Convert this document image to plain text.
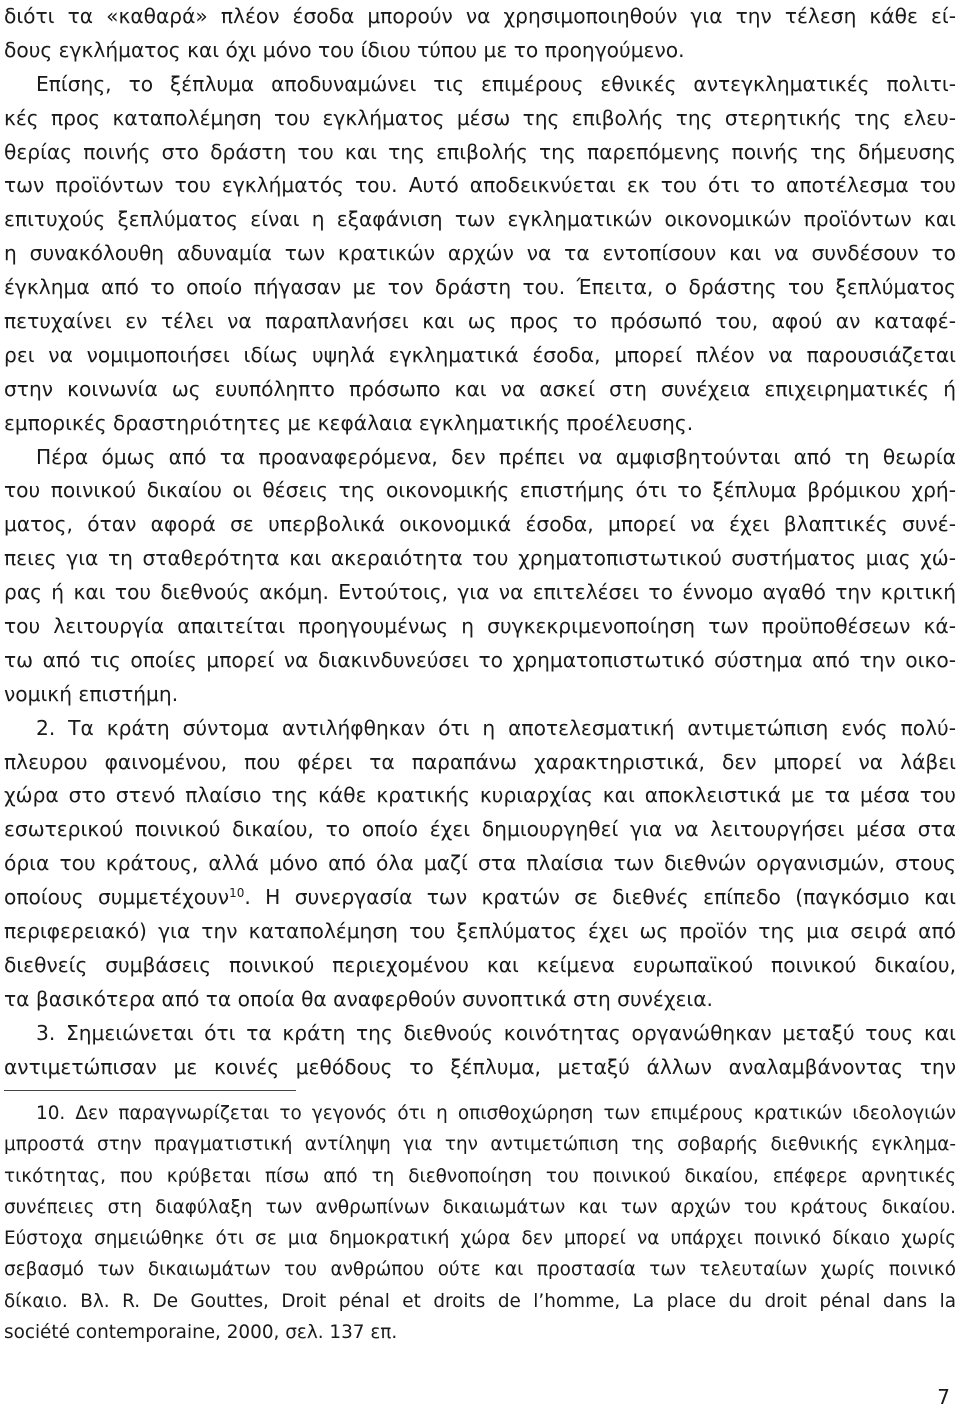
διότι τα «καθαρά» πλέον έσοδα μπορούν να χρησιμοποιηθούν για την τέλεση κάθε εί-
δους εγκλήματος και όχι μόνο του ίδιου τύπου με το προηγούμενο.
Επίσης, το ξέπλυμα αποδυναμώνει τις επιμέρους εθνικές αντεγκληματικές πολιτι-
κές προς καταπολέμηση του εγκλήματος μέσω της επιβολής της στερητικής της ελευ-
θερίας ποινής στο δράστη του και της επιβολής της παρεπόμενης ποινής της δήμευσης
των προϊόντων του εγκλήματός του. Αυτό αποδεικνύεται εκ του ότι το αποτέλεσμα του
επιτυχούς ξεπλύματος είναι η εξαφάνιση των εγκληματικών οικονομικών προϊόντων και
η συνακόλουθη αδυναμία των κρατικών αρχών να τα εντοπίσουν και να συνδέσουν το
έγκλημα από το οποίο πήγασαν με τον δράστη του. Έπειτα, ο δράστης του ξεπλύματος
πετυχαίνει εν τέλει να παραπλανήσει και ως προς το πρόσωπό του, αφού αν καταφέ-
ρει να νομιμοποιήσει ιδίως υψηλά εγκληματικά έσοδα, μπορεί πλέον να παρουσιάζεται
στην κοινωνία ως ευυπόληπτο πρόσωπο και να ασκεί στη συνέχεια επιχειρηματικές ή
εμπορικές δραστηριότητες με κεφάλαια εγκληματικής προέλευσης.
Πέρα όμως από τα προαναφερόμενα, δεν πρέπει να αμφισβητούνται από τη θεωρία
του ποινικού δικαίου οι θέσεις της οικονομικής επιστήμης ότι το ξέπλυμα βρόμικου χρή-
ματος, όταν αφορά σε υπερβολικά οικονομικά έσοδα, μπορεί να έχει βλαπτικές συνέ-
πειες για τη σταθερότητα και ακεραιότητα του χρηματοπιστωτικού συστήματος μιας χώ-
ρας ή και του διεθνούς ακόμη. Εντούτοις, για να επιτελέσει το έννομο αγαθό την κριτική
του λειτουργία απαιτείται προηγουμένως η συγκεκριμενοποίηση των προϋποθέσεων κά-
τω από τις οποίες μπορεί να διακινδυνεύσει το χρηματοπιστωτικό σύστημα από την οικο-
νομική επιστήμη.
2. Τα κράτη σύντομα αντιλήφθηκαν ότι η αποτελεσματική αντιμετώπιση ενός πολύ-
πλευρου φαινομένου, που φέρει τα παραπάνω χαρακτηριστικά, δεν μπορεί να λάβει
χώρα στο στενό πλαίσιο της κάθε κρατικής κυριαρχίας και αποκλειστικά με τα μέσα του
εσωτερικού ποινικού δικαίου, το οποίο έχει δημιουργηθεί για να λειτουργήσει μέσα στα
όρια του κράτους, αλλά μόνο από όλα μαζί στα πλαίσια των διεθνών οργανισμών, στους
οποίους συμμετέχουν$^{10}$. Η συνεργασία των κρατών σε διεθνές επίπεδο (παγκόσμιο και
περιφερειακό) για την καταπολέμηση του ξεπλύματος έχει ως προϊόν της μια σειρά από
διεθνείς συμβάσεις ποινικού περιεχομένου και κείμενα ευρωπαϊκού ποινικού δικαίου,
τα βασικότερα από τα οποία θα αναφερθούν συνοπτικά στη συνέχεια.
3. Σημειώνεται ότι τα κράτη της διεθνούς κοινότητας οργανώθηκαν μεταξύ τους και
αντιμετώπισαν με κοινές μεθόδους το ξέπλυμα, μεταξύ άλλων αναλαμβάνοντας την
10. Δεν παραγνωρίζεται το γεγονός ότι η οπισθοχώρηση των επιμέρους κρατικών ιδεολογιών
μπροστά στην πραγματιστική αντίληψη για την αντιμετώπιση της σοβαρής διεθνικής εγκλημα-
τικότητας, που κρύβεται πίσω από τη διεθνοποίηση του ποινικού δικαίου, επέφερε αρνητικές
συνέπειες στη διαφύλαξη των ανθρωπίνων δικαιωμάτων και των αρχών του κράτους δικαίου.
Εύστοχα σημειώθηκε ότι σε μια δημοκρατική χώρα δεν μπορεί να υπάρχει ποινικό δίκαιο χωρίς
σεβασμό των δικαιωμάτων του ανθρώπου ούτε και προστασία των τελευταίων χωρίς ποινικό
δίκαιο. Βλ. R. De Gouttes, Droit pénal et droits de l’homme, La place du droit pénal dans la
société contemporaine, 2000, σελ. 137 επ.
7
